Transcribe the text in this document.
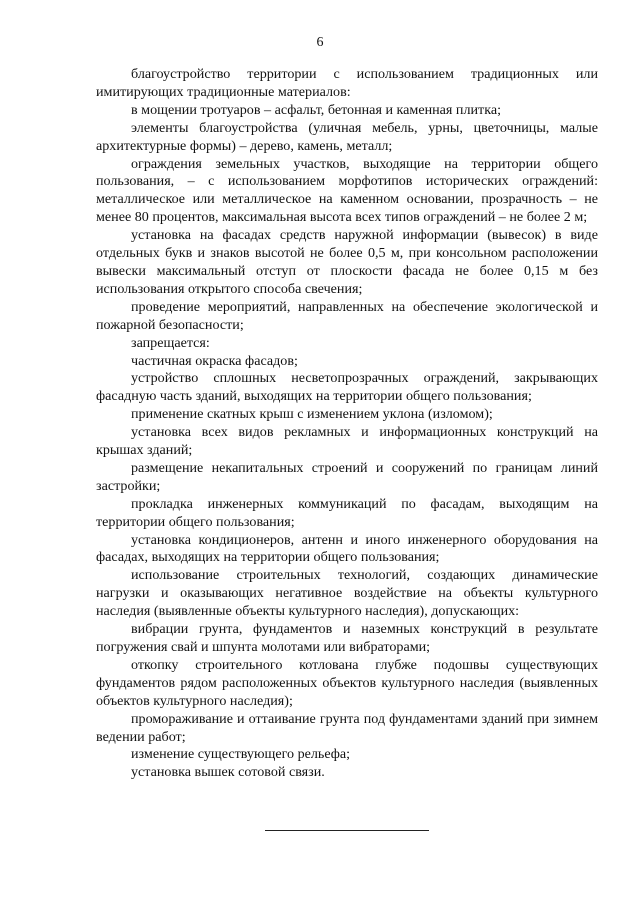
6

благоустройство территории с использованием традиционных или имитирующих традиционные материалов:

в мощении тротуаров – асфальт, бетонная и каменная плитка;

элементы благоустройства (уличная мебель, урны, цветочницы, малые архитектурные формы) – дерево, камень, металл;

ограждения земельных участков, выходящие на территории общего пользования, – с использованием морфотипов исторических ограждений: металлическое или металлическое на каменном основании, прозрачность – не менее 80 процентов, максимальная высота всех типов ограждений – не более 2 м;

установка на фасадах средств наружной информации (вывесок) в виде отдельных букв и знаков высотой не более 0,5 м, при консольном расположении вывески максимальный отступ от плоскости фасада не более 0,15 м без использования открытого способа свечения;

проведение мероприятий, направленных на обеспечение экологической и пожарной безопасности;

запрещается:

частичная окраска фасадов;

устройство сплошных несветопрозрачных ограждений, закрывающих фасадную часть зданий, выходящих на территории общего пользования;

применение скатных крыш с изменением уклона (изломом);

установка всех видов рекламных и информационных конструкций на крышах зданий;

размещение некапитальных строений и сооружений по границам линий застройки;

прокладка инженерных коммуникаций по фасадам, выходящим на территории общего пользования;

установка кондиционеров, антенн и иного инженерного оборудования на фасадах, выходящих на территории общего пользования;

использование строительных технологий, создающих динамические нагрузки и оказывающих негативное воздействие на объекты культурного наследия (выявленные объекты культурного наследия), допускающих:

вибрации грунта, фундаментов и наземных конструкций в результате погружения свай и шпунта молотами или вибраторами;

откопку строительного котлована глубже подошвы существующих фундаментов рядом расположенных объектов культурного наследия (выявленных объектов культурного наследия);

промораживание и оттаивание грунта под фундаментами зданий при зимнем ведении работ;

изменение существующего рельефа;

установка вышек сотовой связи.
